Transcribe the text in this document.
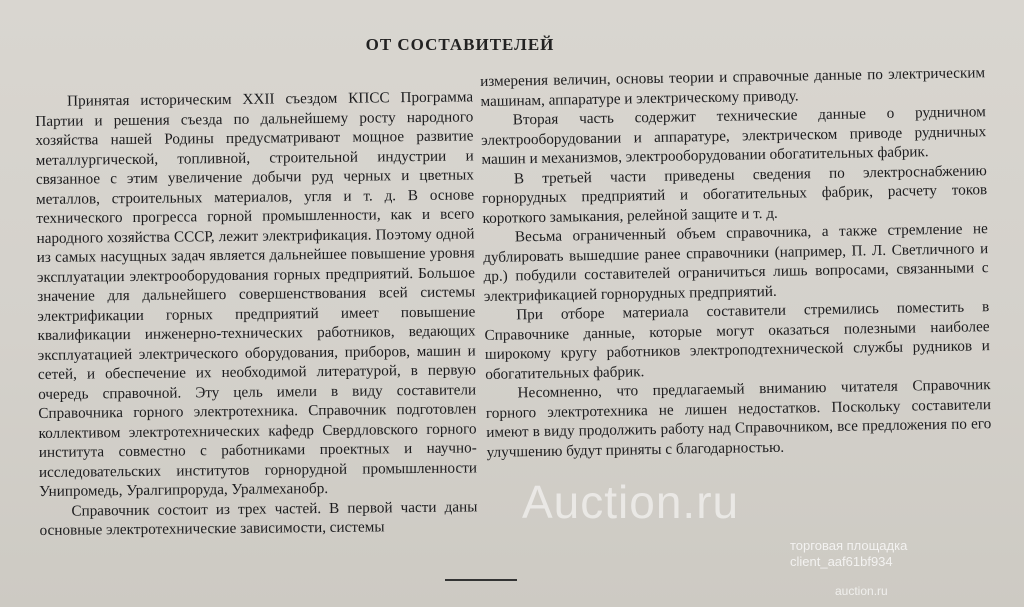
ОТ СОСТАВИТЕЛЕЙ

Принятая историческим XXII съездом КПСС Программа Партии и решения съезда по дальнейшему росту народного хозяйства нашей Родины предусматривают мощное развитие металлургической, топливной, строительной индустрии и связанное с этим увеличение добычи руд черных и цветных металлов, строительных материалов, угля и т. д. В основе технического прогресса горной промышленности, как и всего народного хозяйства СССР, лежит электрификация. Поэтому одной из самых насущных задач является дальнейшее повышение уровня эксплуатации электрооборудования горных предприятий. Большое значение для дальнейшего совершенствования всей системы электрификации горных предприятий имеет повышение квалификации инженерно-технических работников, ведающих эксплуатацией электрического оборудования, приборов, машин и сетей, и обеспечение их необходимой литературой, в первую очередь справочной. Эту цель имели в виду составители Справочника горного электротехника. Справочник подготовлен коллективом электротехнических кафедр Свердловского горного института совместно с работниками проектных и научно-исследовательских институтов горнорудной промышленности Унипромедь, Уралгипроруда, Уралмеханобр.

Справочник состоит из трех частей. В первой части даны основные электротехнические зависимости, системы

измерения величин, основы теории и справочные данные по электрическим машинам, аппаратуре и электрическому приводу.

Вторая часть содержит технические данные о рудничном электрооборудовании и аппаратуре, электрическом приводе рудничных машин и механизмов, электрооборудовании обогатительных фабрик.

В третьей части приведены сведения по электроснабжению горнорудных предприятий и обогатительных фабрик, расчету токов короткого замыкания, релейной защите и т. д.

Весьма ограниченный объем справочника, а также стремление не дублировать вышедшие ранее справочники (например, П. Л. Светличного и др.) побудили составителей ограничиться лишь вопросами, связанными с электрификацией горнорудных предприятий.

При отборе материала составители стремились поместить в Справочнике данные, которые могут оказаться полезными наиболее широкому кругу работников электроподтехнической службы рудников и обогатительных фабрик.

Несомненно, что предлагаемый вниманию читателя Справочник горного электротехника не лишен недостатков. Поскольку составители имеют в виду продолжить работу над Справочником, все предложения по его улучшению будут приняты с благодарностью.

Auction.ru
торговая площадка
client_aaf61bf934
auction.ru
